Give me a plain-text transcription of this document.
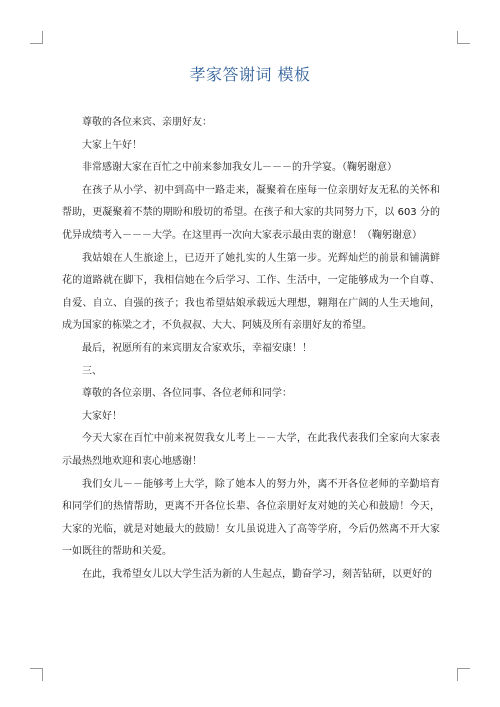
孝家答谢词 模板

尊敬的各位来宾、亲朋好友：

大家上午好！

非常感谢大家在百忙之中前来参加我女儿－－－的升学宴。（鞠躬谢意）

在孩子从小学、初中到高中一路走来，凝聚着在座每一位亲朋好友无私的关怀和帮助，更凝聚着不禁的期盼和殷切的希望。在孩子和大家的共同努力下，以 603 分的优异成绩考入－－－大学。在这里再一次向大家表示最由衷的谢意！（鞠躬谢意）

我姑娘在人生旅途上，已迈开了她扎实的人生第一步。光辉灿烂的前景和铺满鲜花的道路就在脚下，我相信她在今后学习、工作、生活中，一定能够成为一个自尊、自爱、自立、自强的孩子；我也希望姑娘承载远大理想，翱翔在广阔的人生天地间，成为国家的栋梁之才，不负叔叔、大大、阿姨及所有亲朋好友的希望。

最后，祝愿所有的来宾朋友合家欢乐，幸福安康！！

三、

尊敬的各位亲朋、各位同事、各位老师和同学：

大家好！

今天大家在百忙中前来祝贺我女儿考上－－大学，在此我代表我们全家向大家表示最热烈地欢迎和衷心地感谢！

我们女儿－－能够考上大学，除了她本人的努力外，离不开各位老师的辛勤培育和同学们的热情帮助，更离不开各位长辈、各位亲朋好友对她的关心和鼓励！今天，大家的光临，就是对她最大的鼓励！女儿虽说进入了高等学府，今后仍然离不开大家一如既往的帮助和关爱。

在此，我希望女儿以大学生活为新的人生起点，勤奋学习，刻苦钻研，以更好的
